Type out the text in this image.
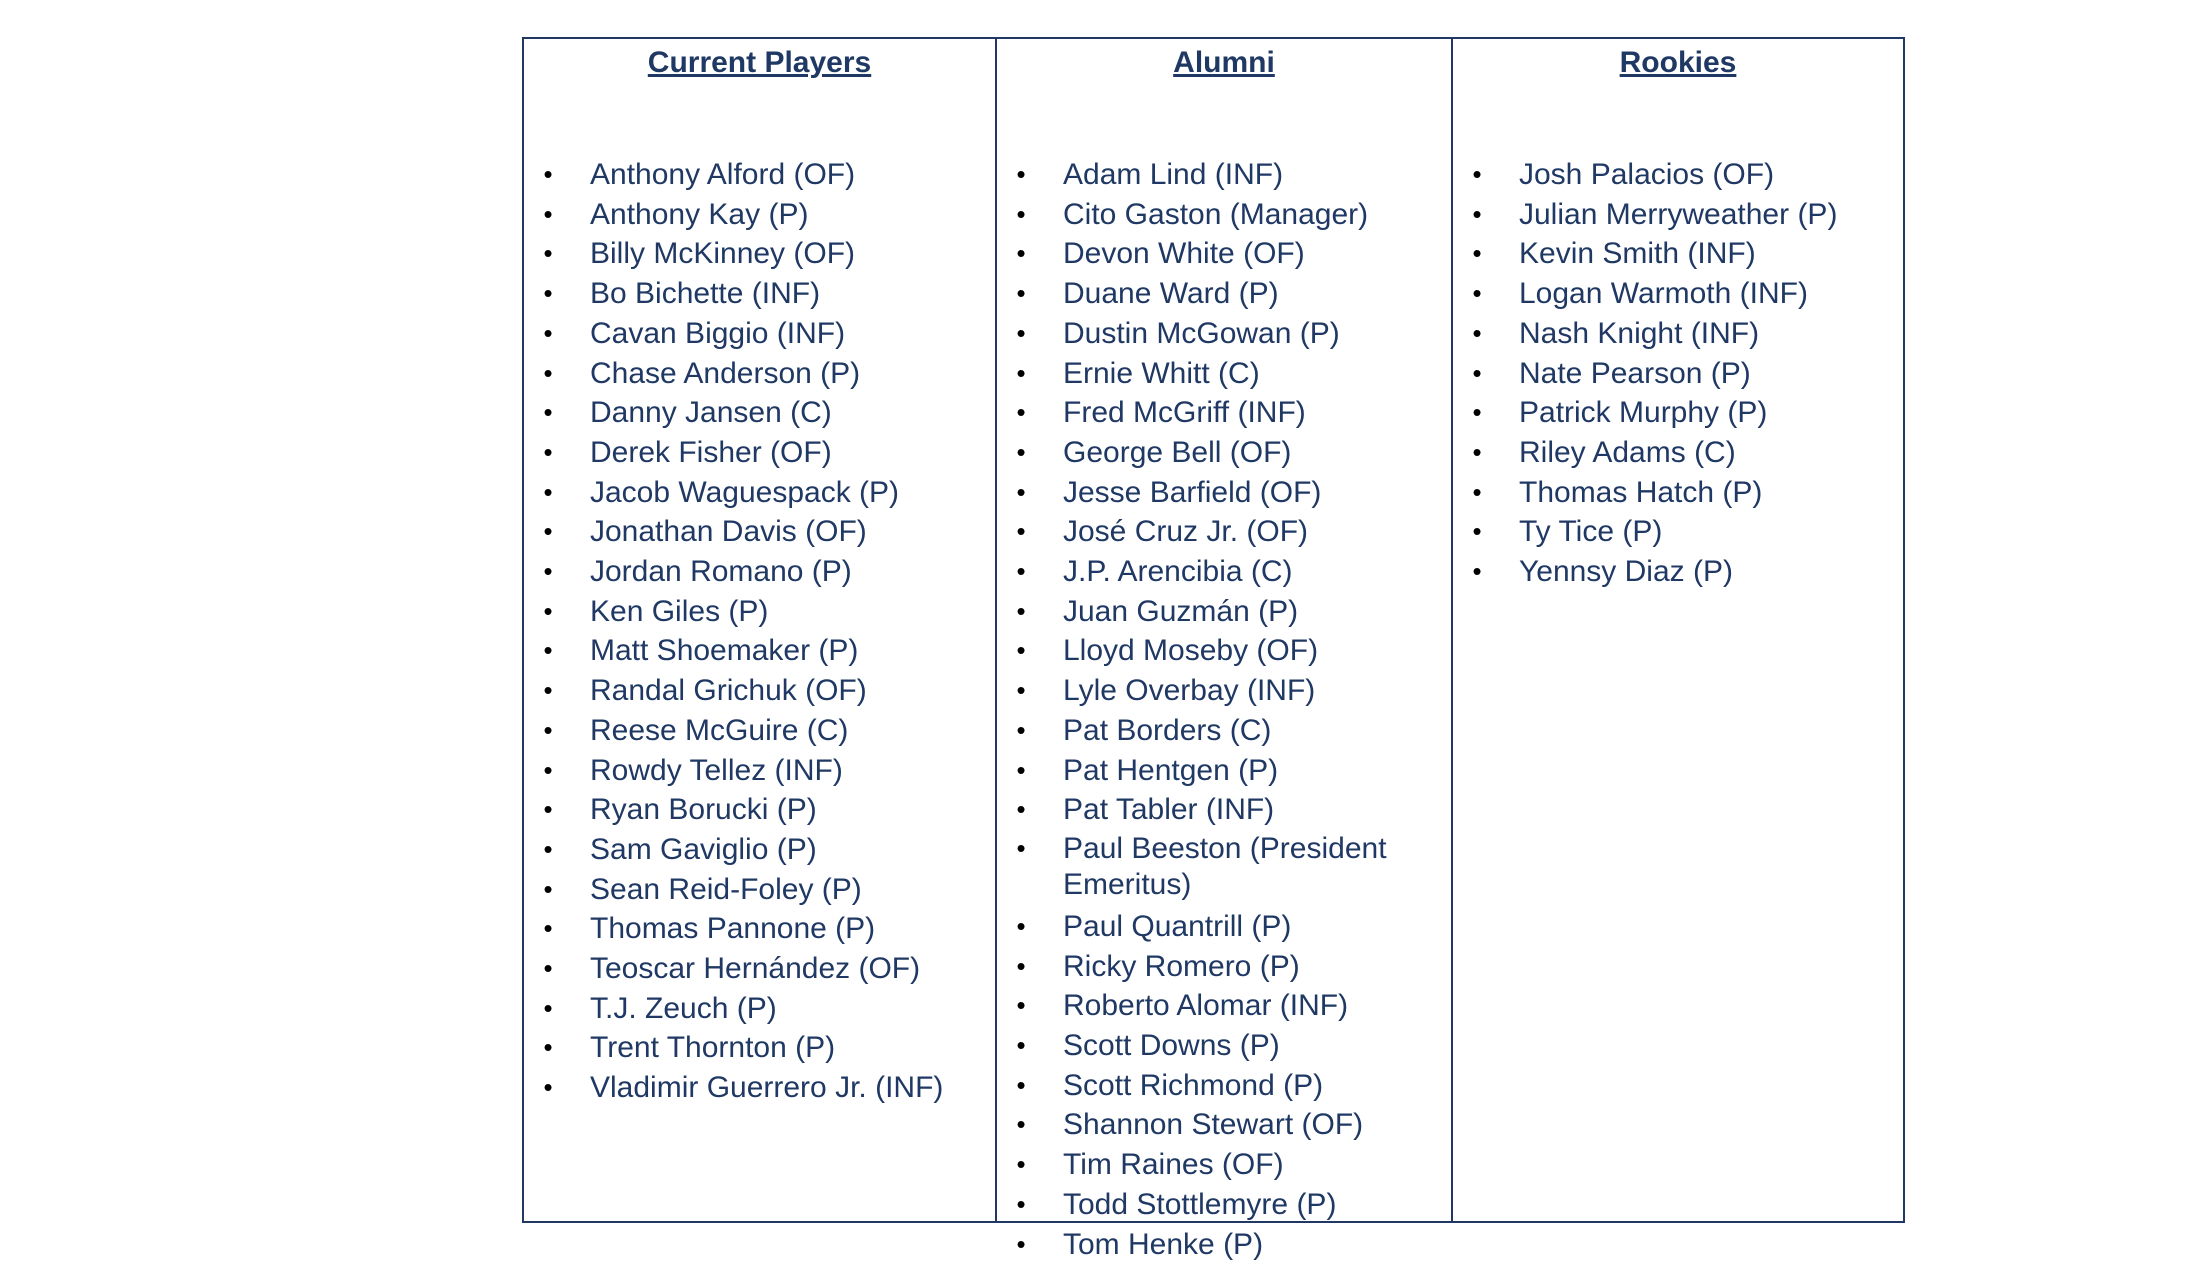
Current Players
• Anthony Alford (OF)
• Anthony Kay (P)
• Billy McKinney (OF)
• Bo Bichette (INF)
• Cavan Biggio (INF)
• Chase Anderson (P)
• Danny Jansen (C)
• Derek Fisher (OF)
• Jacob Waguespack (P)
• Jonathan Davis (OF)
• Jordan Romano (P)
• Ken Giles (P)
• Matt Shoemaker (P)
• Randal Grichuk (OF)
• Reese McGuire (C)
• Rowdy Tellez (INF)
• Ryan Borucki (P)
• Sam Gaviglio (P)
• Sean Reid-Foley (P)
• Thomas Pannone (P)
• Teoscar Hernández (OF)
• T.J. Zeuch (P)
• Trent Thornton (P)
• Vladimir Guerrero Jr. (INF)
Alumni
• Adam Lind (INF)
• Cito Gaston (Manager)
• Devon White (OF)
• Duane Ward (P)
• Dustin McGowan (P)
• Ernie Whitt (C)
• Fred McGriff (INF)
• George Bell (OF)
• Jesse Barfield (OF)
• José Cruz Jr. (OF)
• J.P. Arencibia (C)
• Juan Guzmán (P)
• Lloyd Moseby (OF)
• Lyle Overbay (INF)
• Pat Borders (C)
• Pat Hentgen (P)
• Pat Tabler (INF)
• Paul Beeston (President Emeritus)
• Paul Quantrill (P)
• Ricky Romero (P)
• Roberto Alomar (INF)
• Scott Downs (P)
• Scott Richmond (P)
• Shannon Stewart (OF)
• Tim Raines (OF)
• Todd Stottlemyre (P)
• Tom Henke (P)
Rookies
• Josh Palacios (OF)
• Julian Merryweather (P)
• Kevin Smith (INF)
• Logan Warmoth (INF)
• Nash Knight (INF)
• Nate Pearson (P)
• Patrick Murphy (P)
• Riley Adams (C)
• Thomas Hatch (P)
• Ty Tice (P)
• Yennsy Diaz (P)
